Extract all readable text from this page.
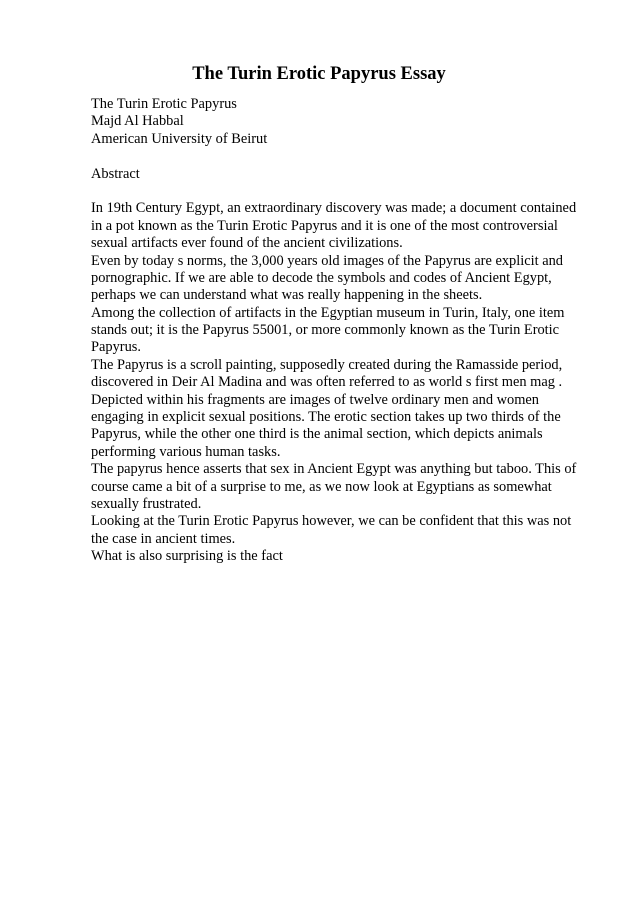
The Turin Erotic Papyrus Essay
The Turin Erotic Papyrus
Majd Al Habbal
American University of Beirut
Abstract
In 19th Century Egypt, an extraordinary discovery was made; a document contained
in a pot known as the Turin Erotic Papyrus and it is one of the most controversial
sexual artifacts ever found of the ancient civilizations.
Even by today s norms, the 3,000 years old images of the Papyrus are explicit and
pornographic. If we are able to decode the symbols and codes of Ancient Egypt,
perhaps we can understand what was really happening in the sheets.
Among the collection of artifacts in the Egyptian museum in Turin, Italy, one item
stands out; it is the Papyrus 55001, or more commonly known as the Turin Erotic
Papyrus.
The Papyrus is a scroll painting, supposedly created during the Ramasside period,
discovered in Deir Al Madina and was often referred to as world s first men mag .
Depicted within his fragments are images of twelve ordinary men and women
engaging in explicit sexual positions. The erotic section takes up two thirds of the
Papyrus, while the other one third is the animal section, which depicts animals
performing various human tasks.
The papyrus hence asserts that sex in Ancient Egypt was anything but taboo. This of
course came a bit of a surprise to me, as we now look at Egyptians as somewhat
sexually frustrated.
Looking at the Turin Erotic Papyrus however, we can be confident that this was not
the case in ancient times.
What is also surprising is the fact
